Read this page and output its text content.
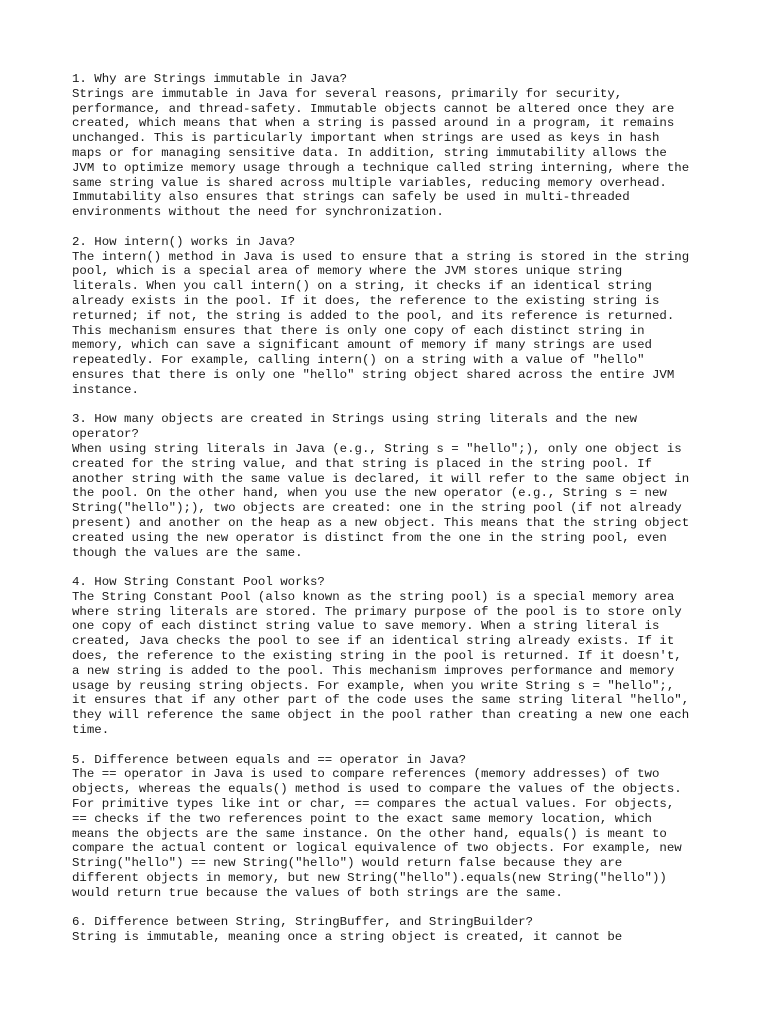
1. Why are Strings immutable in Java?

Strings are immutable in Java for several reasons, primarily for security,
performance, and thread-safety. Immutable objects cannot be altered once they are
created, which means that when a string is passed around in a program, it remains
unchanged. This is particularly important when strings are used as keys in hash
maps or for managing sensitive data. In addition, string immutability allows the
JVM to optimize memory usage through a technique called string interning, where the
same string value is shared across multiple variables, reducing memory overhead.
Immutability also ensures that strings can safely be used in multi-threaded
environments without the need for synchronization.

2. How intern() works in Java?

The intern() method in Java is used to ensure that a string is stored in the string
pool, which is a special area of memory where the JVM stores unique string
literals. When you call intern() on a string, it checks if an identical string
already exists in the pool. If it does, the reference to the existing string is
returned; if not, the string is added to the pool, and its reference is returned.
This mechanism ensures that there is only one copy of each distinct string in
memory, which can save a significant amount of memory if many strings are used
repeatedly. For example, calling intern() on a string with a value of "hello"
ensures that there is only one "hello" string object shared across the entire JVM
instance.

3. How many objects are created in Strings using string literals and the new
operator?

When using string literals in Java (e.g., String s = "hello";), only one object is
created for the string value, and that string is placed in the string pool. If
another string with the same value is declared, it will refer to the same object in
the pool. On the other hand, when you use the new operator (e.g., String s = new
String("hello");), two objects are created: one in the string pool (if not already
present) and another on the heap as a new object. This means that the string object
created using the new operator is distinct from the one in the string pool, even
though the values are the same.

4. How String Constant Pool works?

The String Constant Pool (also known as the string pool) is a special memory area
where string literals are stored. The primary purpose of the pool is to store only
one copy of each distinct string value to save memory. When a string literal is
created, Java checks the pool to see if an identical string already exists. If it
does, the reference to the existing string in the pool is returned. If it doesn't,
a new string is added to the pool. This mechanism improves performance and memory
usage by reusing string objects. For example, when you write String s = "hello";,
it ensures that if any other part of the code uses the same string literal "hello",
they will reference the same object in the pool rather than creating a new one each
time.

5. Difference between equals and == operator in Java?

The == operator in Java is used to compare references (memory addresses) of two
objects, whereas the equals() method is used to compare the values of the objects.
For primitive types like int or char, == compares the actual values. For objects,
== checks if the two references point to the exact same memory location, which
means the objects are the same instance. On the other hand, equals() is meant to
compare the actual content or logical equivalence of two objects. For example, new
String("hello") == new String("hello") would return false because they are
different objects in memory, but new String("hello").equals(new String("hello"))
would return true because the values of both strings are the same.

6. Difference between String, StringBuffer, and StringBuilder?

String is immutable, meaning once a string object is created, it cannot be
